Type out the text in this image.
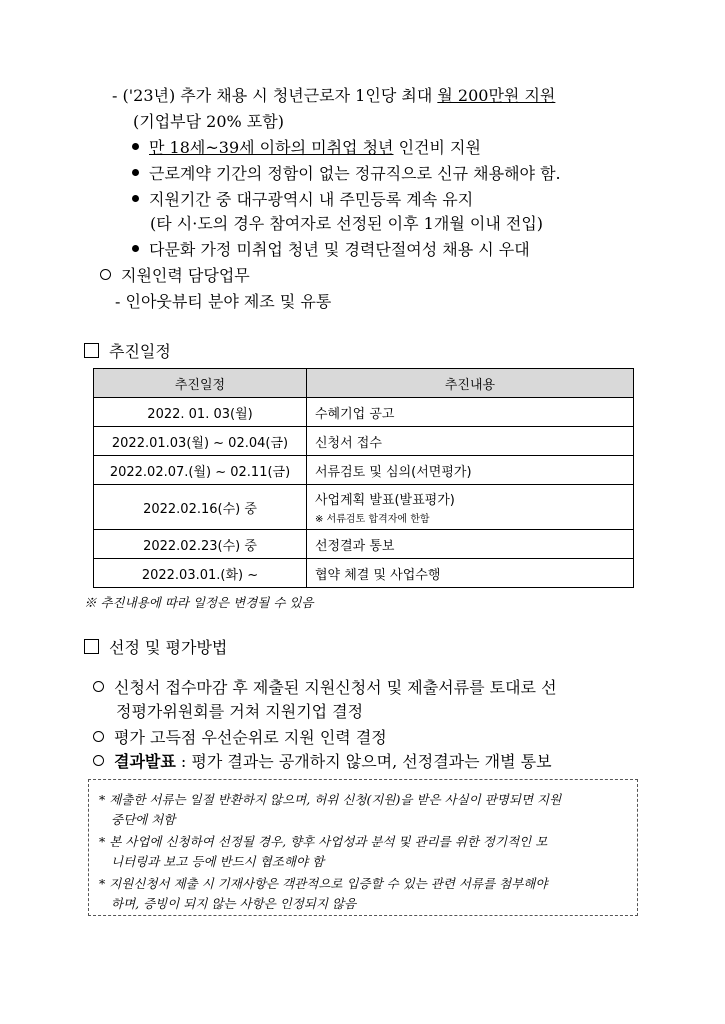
- ('23년) 추가 채용 시 청년근로자 1인당 최대 월 200만원 지원
(기업부담 20% 포함)
만 18세~39세 이하의 미취업 청년 인건비 지원
근로계약 기간의 정함이 없는 정규직으로 신규 채용해야 함.
지원기간 중 대구광역시 내 주민등록 계속 유지
(타 시·도의 경우 참여자로 선정된 이후 1개월 이내 전입)
다문화 가정 미취업 청년 및 경력단절여성 채용 시 우대
지원인력 담당업무
- 인아웃뷰티 분야 제조 및 유통
추진일정
추진일정	추진내용
2022. 01. 03(월)	수혜기업 공고
2022.01.03(월) ~ 02.04(금)	신청서 접수
2022.02.07.(월) ~ 02.11(금)	서류검토 및 심의(서면평가)
2022.02.16(수) 중	사업계획 발표(발표평가)
※ 서류검토 합격자에 한함

2022.02.23(수) 중	선정결과 통보
2022.03.01.(화) ~	협약 체결 및 사업수행
※ 추진내용에 따라 일정은 변경될 수 있음
선정 및 평가방법
신청서 접수마감 후 제출된 지원신청서 및 제출서류를 토대로 선
정평가위원회를 거쳐 지원기업 결정
평가 고득점 우선순위로 지원 인력 결정
결과발표 : 평가 결과는 공개하지 않으며, 선정결과는 개별 통보
* 제출한 서류는 일절 반환하지 않으며, 허위 신청(지원)을 받은 사실이 판명되면 지원
중단에 처함
* 본 사업에 신청하여 선정될 경우, 향후 사업성과 분석 및 관리를 위한 정기적인 모
니터링과 보고 등에 반드시 협조해야 함
* 지원신청서 제출 시 기재사항은 객관적으로 입증할 수 있는 관련 서류를 첨부해야
하며, 증빙이 되지 않는 사항은 인정되지 않음
